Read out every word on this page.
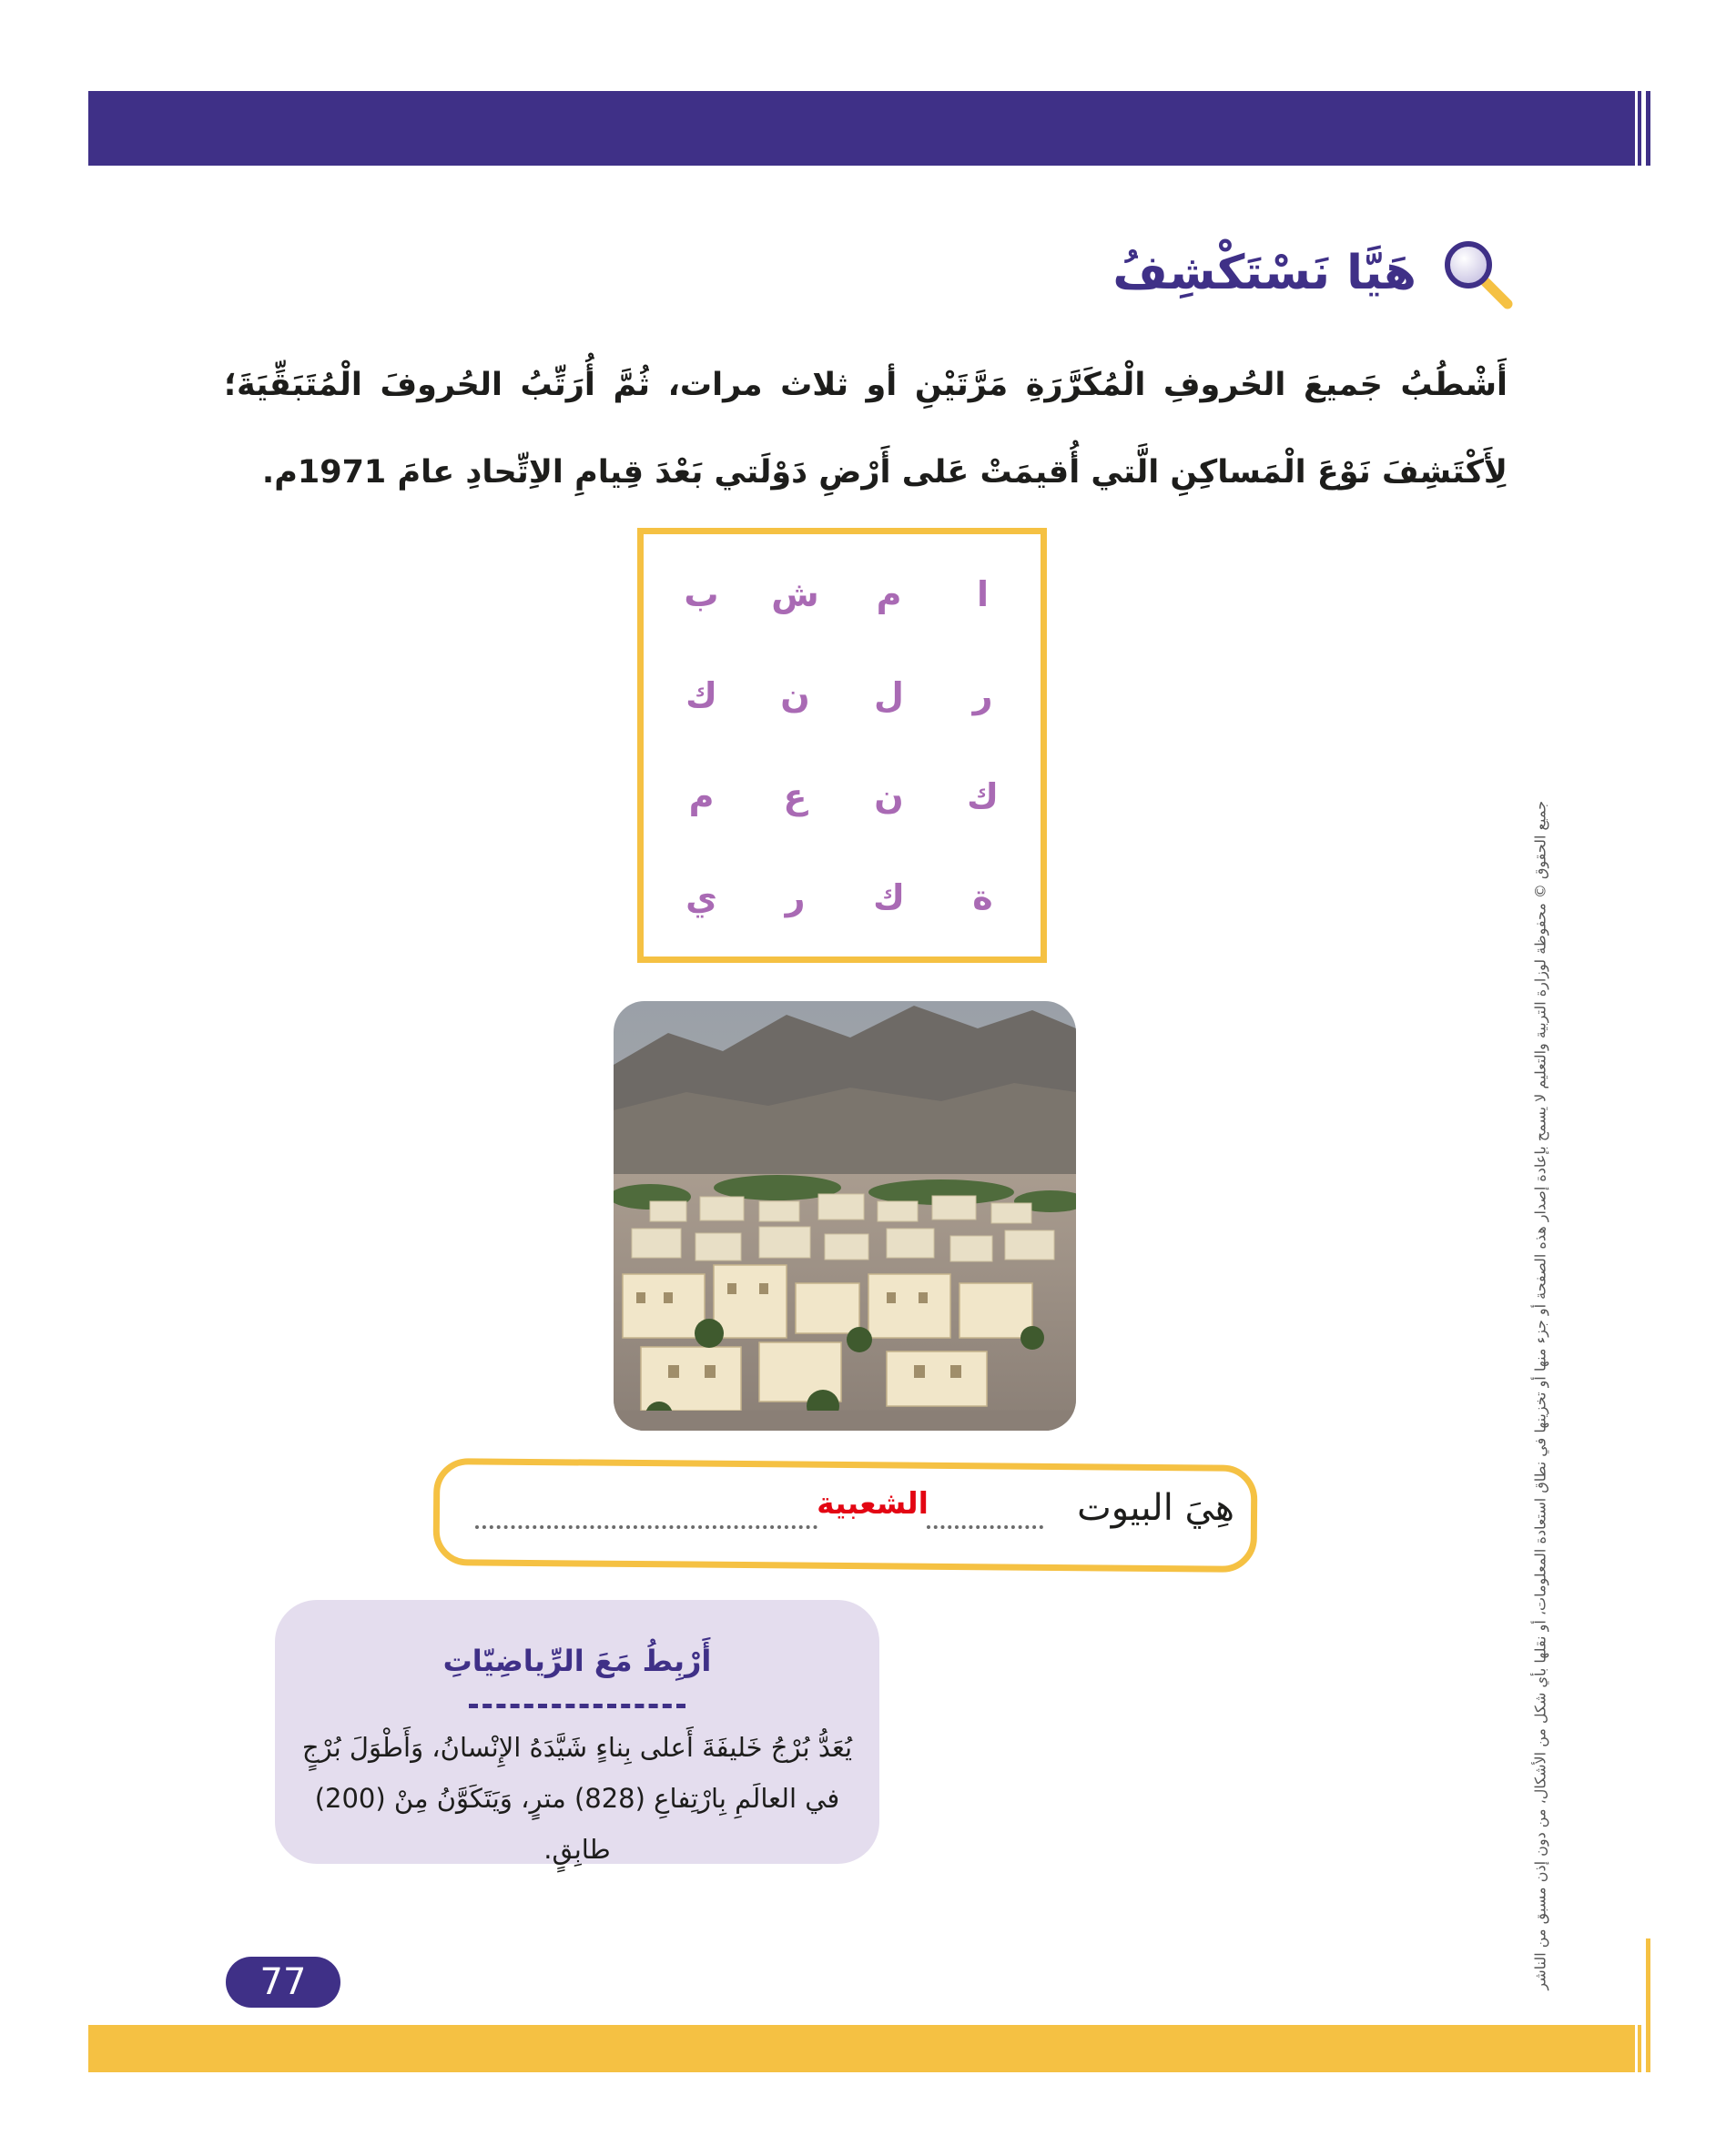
هَيَّا نَسْتَكْشِفُ

أَشْطُبُ جَميعَ الحُروفِ الْمُكَرَّرَةِ مَرَّتَيْنِ أو ثلاث مرات، ثُمَّ أُرَتِّبُ الحُروفَ الْمُتَبَقِّيَةَ؛ لِأَكْتَشِفَ نَوْعَ الْمَساكِنِ الَّتي أُقيمَتْ عَلى أَرْضِ دَوْلَتي بَعْدَ قِيامِ الاِتِّحادِ عامَ 1971م.

ا
م
ش
ب
ر
ل
ن
ك
ك
ن
ع
م
ة
ك
ر
ي

هِيَ البيوت

الشعبية
أَرْبِطُ مَعَ الرِّياضِيّاتِ

يُعَدُّ بُرْجُ خَليفَةَ أَعلى بِناءٍ شَيَّدَهُ الإِنْسانُ، وَأَطْوَلَ بُرْجٍ في العالَمِ بِارْتِفاعِ (828) مترٍ، وَيَتَكَوَّنُ مِنْ (200) طابِقٍ.

77	جميع الحقوق © محفوظة لوزارة التربية والتعليم لا يسمح بإعادة إصدار هذه الصفحة أو جزء منها أو تخزينها في نطاق استعادة المعلومات، أو نقلها بأي شكل من الأشكال، من دون إذن مسبق من الناشر
